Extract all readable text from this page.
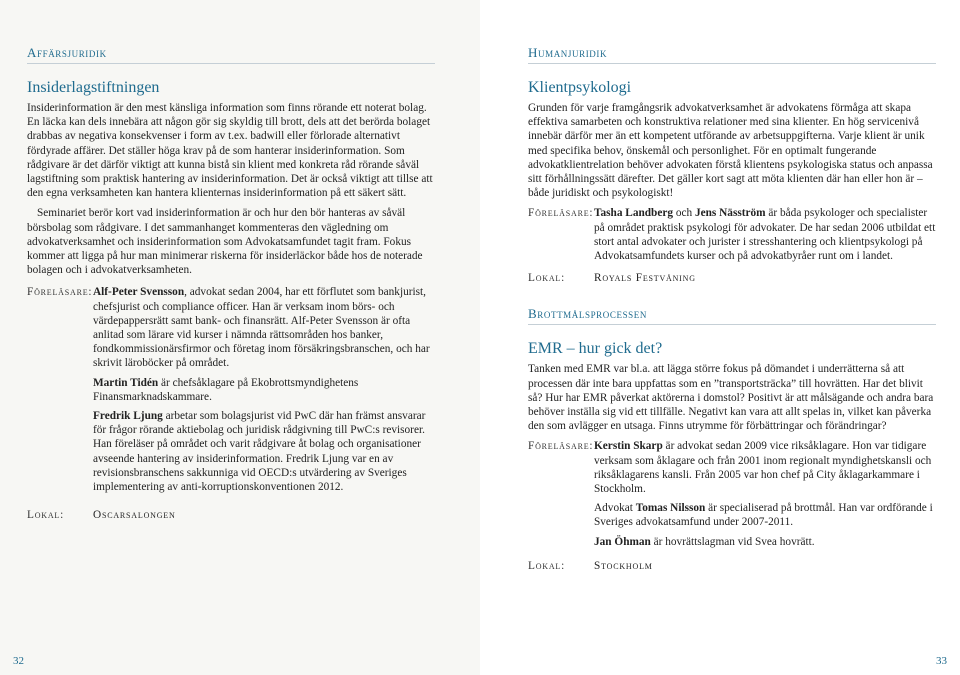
Affärsjuridik
Insiderlagstiftningen

Insiderinformation är den mest känsliga information som finns rörande ett noterat bolag. En läcka kan dels innebära att någon gör sig skyldig till brott, dels att det berörda bolaget drabbas av negativa konsekvenser i form av t.ex. badwill eller förlorade alternativt fördyrade affärer. Det ställer höga krav på de som hanterar insiderinformation. Som rådgivare är det därför viktigt att kunna bistå sin klient med konkreta råd rörande såväl lagstiftning som praktisk hantering av insiderinformation. Det är också viktigt att tillse att den egna verksamheten kan hantera klienternas insiderinformation på ett säkert sätt.

Seminariet berör kort vad insiderinformation är och hur den bör hanteras av såväl börsbolag som rådgivare. I det sammanhanget kommenteras den vägledning om advokatverksamhet och insiderinformation som Advokatsamfundet tagit fram. Fokus kommer att ligga på hur man minimerar riskerna för insiderläckor både hos de noterade bolagen och i advokatverksamheten.

Föreläsare: Alf-Peter Svensson, advokat sedan 2004, har ett förflutet som bankjurist, chefsjurist och compliance officer. Han är verksam inom börs- och värdepappersrätt samt bank- och finansrätt. Alf-Peter Svensson är ofta anlitad som lärare vid kurser i nämnda rättsområden hos banker, fondkommissionärsfirmor och företag inom försäkringsbranschen, och har skrivit läroböcker på området.

Martin Tidén är chefsåklagare på Ekobrottsmyndighetens Finansmarknadskammare.

Fredrik Ljung arbetar som bolagsjurist vid PwC där han främst ansvarar för frågor rörande aktiebolag och juridisk rådgivning till PwC:s revisorer. Han föreläser på området och varit rådgivare åt bolag och organisationer avseende hantering av insiderinformation. Fredrik Ljung var en av revisionsbranschens sakkunniga vid OECD:s utvärdering av Sveriges implementering av anti-korruptionskonventionen 2012.

Lokal:	Oscarsalongen
32	33
Humanjuridik
Klientpsykologi

Grunden för varje framgångsrik advokatverksamhet är advokatens förmåga att skapa effektiva samarbeten och konstruktiva relationer med sina klienter. En hög servicenivå innebär därför mer än ett kompetent utförande av arbetsuppgifterna. Varje klient är unik med specifika behov, önskemål och personlighet. För en optimalt fungerande advokatklientrelation behöver advokaten förstå klientens psykologiska status och anpassa sitt förhållningssätt därefter. Det gäller kort sagt att möta klienten där han eller hon är – både juridiskt och psykologiskt!

Föreläsare: Tasha Landberg och Jens Näsström är båda psykologer och specialister på området praktisk psykologi för advokater. De har sedan 2006 utbildat ett stort antal advokater och jurister i stresshantering och klientpsykologi på Advokatsamfundets kurser och på advokatbyråer runt om i landet.

Lokal:	Royals Festvåning
Brottmålsprocessen
EMR – hur gick det?

Tanken med EMR var bl.a. att lägga större fokus på dömandet i underrätterna så att processen där inte bara uppfattas som en ”transportsträcka” till hovrätten. Har det blivit så? Hur har EMR påverkat aktörerna i domstol? Positivt är att målsägande och andra bara behöver inställa sig vid ett tillfälle. Negativt kan vara att allt spelas in, vilket kan påverka den som avlägger en utsaga. Finns utrymme för förbättringar och förändringar?

Föreläsare: Kerstin Skarp är advokat sedan 2009 vice riksåklagare. Hon var tidigare verksam som åklagare och från 2001 inom regionalt myndighetskansli och riksåklagarens kansli. Från 2005 var hon chef på City åklagarkammare i Stockholm.

Advokat Tomas Nilsson är specialiserad på brottmål. Han var ordförande i Sveriges advokatsamfund under 2007-2011.

Jan Öhman är hovrättslagman vid Svea hovrätt.

Lokal:	Stockholm
